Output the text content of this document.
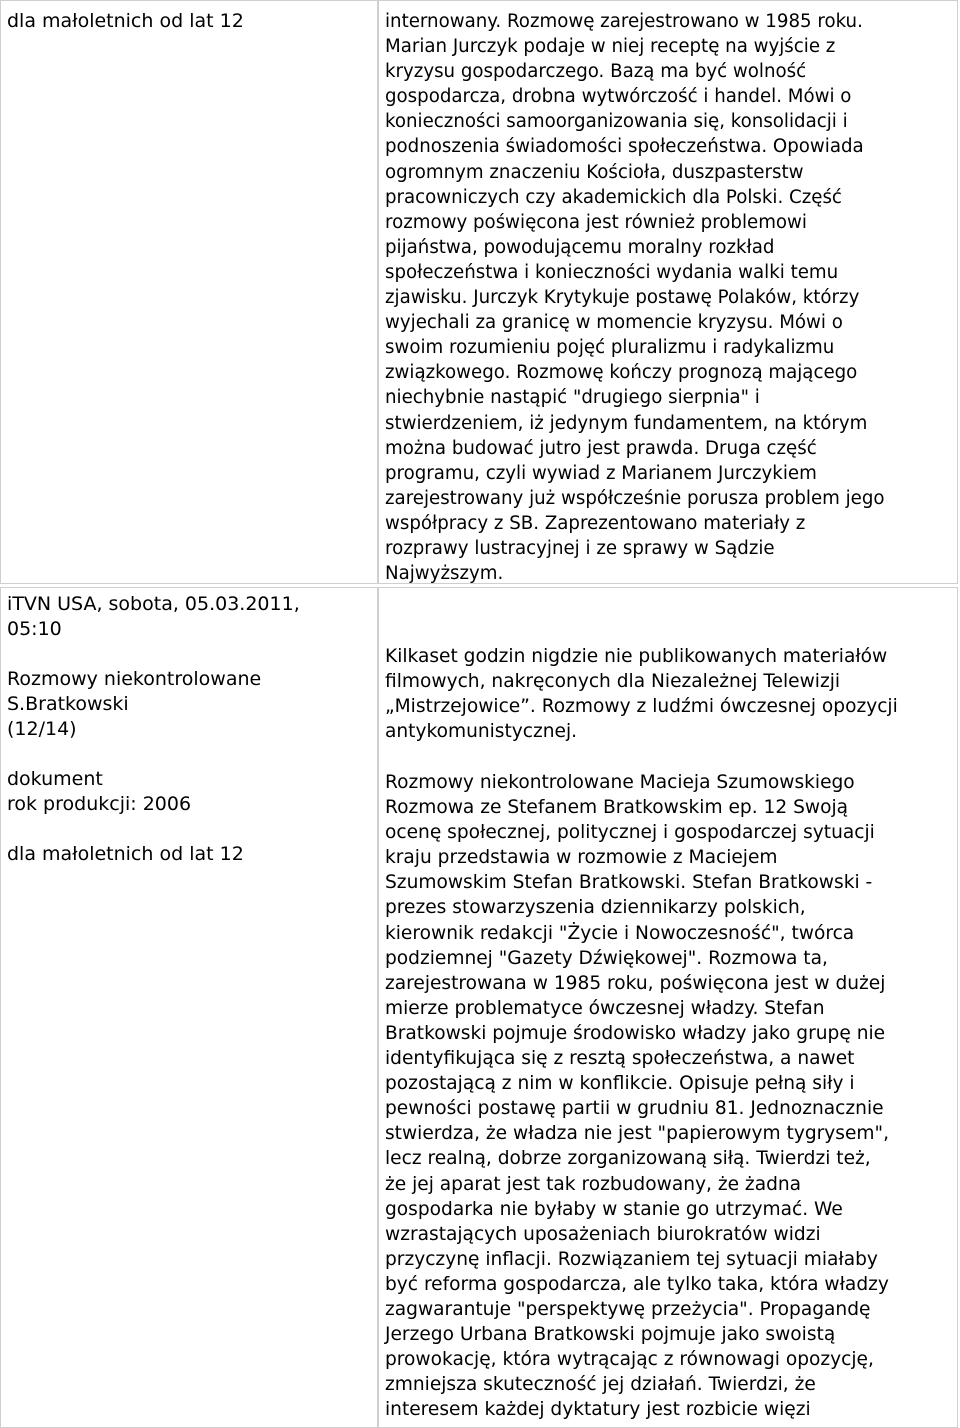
dla małoletnich od lat 12	internowany. Rozmowę zarejestrowano w 1985 roku.
Marian Jurczyk podaje w niej receptę na wyjście z
kryzysu gospodarczego. Bazą ma być wolność
gospodarcza, drobna wytwórczość i handel. Mówi o
konieczności samoorganizowania się, konsolidacji i
podnoszenia świadomości społeczeństwa. Opowiada
ogromnym znaczeniu Kościoła, duszpasterstw
pracowniczych czy akademickich dla Polski. Część
rozmowy poświęcona jest również problemowi
pijaństwa, powodującemu moralny rozkład
społeczeństwa i konieczności wydania walki temu
zjawisku. Jurczyk Krytykuje postawę Polaków, którzy
wyjechali za granicę w momencie kryzysu. Mówi o
swoim rozumieniu pojęć pluralizmu i radykalizmu
związkowego. Rozmowę kończy prognozą mającego
niechybnie nastąpić "drugiego sierpnia" i
stwierdzeniem, iż jedynym fundamentem, na którym
można budować jutro jest prawda. Druga część
programu, czyli wywiad z Marianem Jurczykiem
zarejestrowany już współcześnie porusza problem jego
współpracy z SB. Zaprezentowano materiały z
rozprawy lustracyjnej i ze sprawy w Sądzie
Najwyższym.
iTVN USA, sobota, 05.03.2011,
05:10
Rozmowy niekontrolowane
S.Bratkowski
(12/14)
dokument
rok produkcji: 2006
dla małoletnich od lat 12
Kilkaset godzin nigdzie nie publikowanych materiałów
filmowych, nakręconych dla Niezależnej Telewizji
„Mistrzejowice”. Rozmowy z ludźmi ówczesnej opozycji
antykomunistycznej.
Rozmowy niekontrolowane Macieja Szumowskiego
Rozmowa ze Stefanem Bratkowskim ep. 12 Swoją
ocenę społecznej, politycznej i gospodarczej sytuacji
kraju przedstawia w rozmowie z Maciejem
Szumowskim Stefan Bratkowski. Stefan Bratkowski -
prezes stowarzyszenia dziennikarzy polskich,
kierownik redakcji "Życie i Nowoczesność", twórca
podziemnej "Gazety Dźwiękowej". Rozmowa ta,
zarejestrowana w 1985 roku, poświęcona jest w dużej
mierze problematyce ówczesnej władzy. Stefan
Bratkowski pojmuje środowisko władzy jako grupę nie
identyfikująca się z resztą społeczeństwa, a nawet
pozostającą z nim w konflikcie. Opisuje pełną siły i
pewności postawę partii w grudniu 81. Jednoznacznie
stwierdza, że władza nie jest "papierowym tygrysem",
lecz realną, dobrze zorganizowaną siłą. Twierdzi też,
że jej aparat jest tak rozbudowany, że żadna
gospodarka nie byłaby w stanie go utrzymać. We
wzrastających uposażeniach biurokratów widzi
przyczynę inflacji. Rozwiązaniem tej sytuacji miałaby
być reforma gospodarcza, ale tylko taka, która władzy
zagwarantuje "perspektywę przeżycia". Propagandę
Jerzego Urbana Bratkowski pojmuje jako swoistą
prowokację, która wytrącając z równowagi opozycję,
zmniejsza skuteczność jej działań. Twierdzi, że
interesem każdej dyktatury jest rozbicie więzi
